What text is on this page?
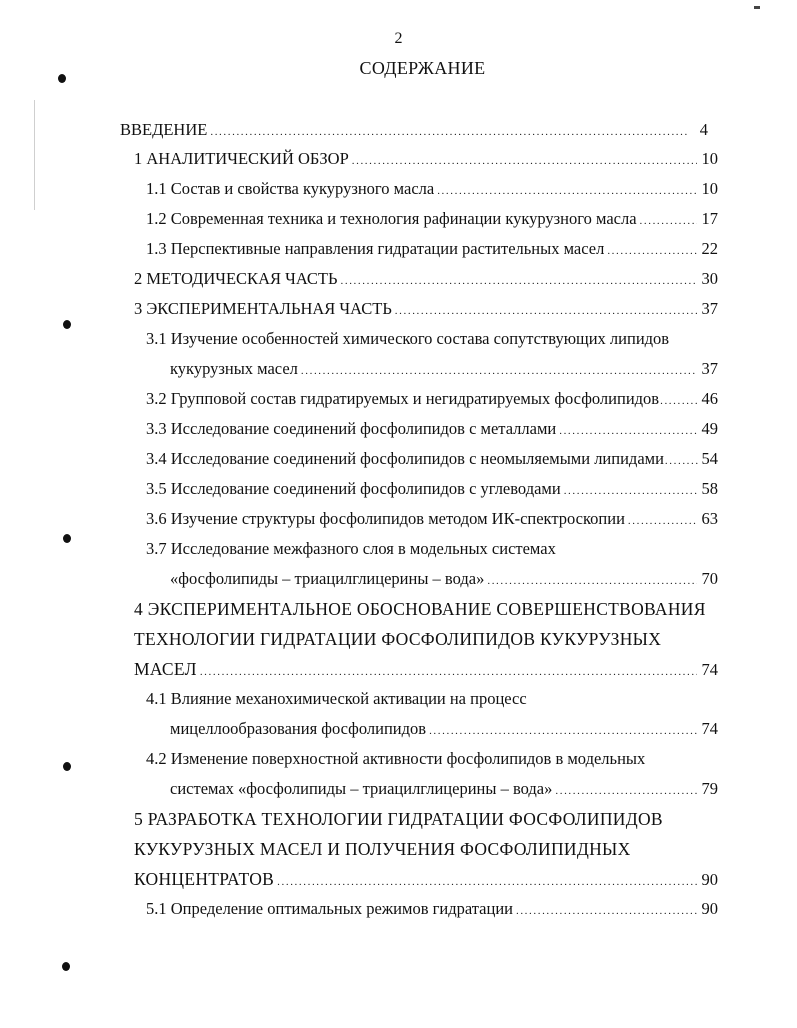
2
СОДЕРЖАНИЕ
ВВЕДЕНИЕ .....	4
1 АНАЛИТИЧЕСКИЙ ОБЗОР .....	10
1.1 Состав и свойства кукурузного масла .....	10
1.2 Современная техника и технология рафинации кукурузного масла .....	17
1.3 Перспективные направления гидратации растительных масел .....	22
2 МЕТОДИЧЕСКАЯ ЧАСТЬ .....	30
3 ЭКСПЕРИМЕНТАЛЬНАЯ ЧАСТЬ .....	37
3.1 Изучение особенностей химического состава сопутствующих липидов
кукурузных масел .....	37
3.2 Групповой состав гидратируемых и негидратируемых фосфолипидов .....	46
3.3 Исследование соединений фосфолипидов с металлами .....	49
3.4 Исследование соединений фосфолипидов с неомыляемыми липидами ..... 54
3.5 Исследование соединений фосфолипидов с углеводами .....	58
3.6 Изучение структуры фосфолипидов методом ИК-спектроскопии .....	63
3.7 Исследование межфазного слоя в модельных системах
«фосфолипиды – триацилглицерины – вода» .....	70
4 ЭКСПЕРИМЕНТАЛЬНОЕ ОБОСНОВАНИЕ СОВЕРШЕНСТВОВАНИЯ
ТЕХНОЛОГИИ ГИДРАТАЦИИ ФОСФОЛИПИДОВ КУКУРУЗНЫХ
МАСЕЛ .....	74
4.1 Влияние механохимической активации на процесс
мицеллообразования фосфолипидов .....	74
4.2 Изменение поверхностной активности фосфолипидов в модельных
системах «фосфолипиды – триацилглицерины – вода» .....	79
5 РАЗРАБОТКА ТЕХНОЛОГИИ ГИДРАТАЦИИ ФОСФОЛИПИДОВ
КУКУРУЗНЫХ МАСЕЛ И ПОЛУЧЕНИЯ ФОСФОЛИПИДНЫХ
КОНЦЕНТРАТОВ .....	90
5.1 Определение оптимальных режимов гидратации .....	90
